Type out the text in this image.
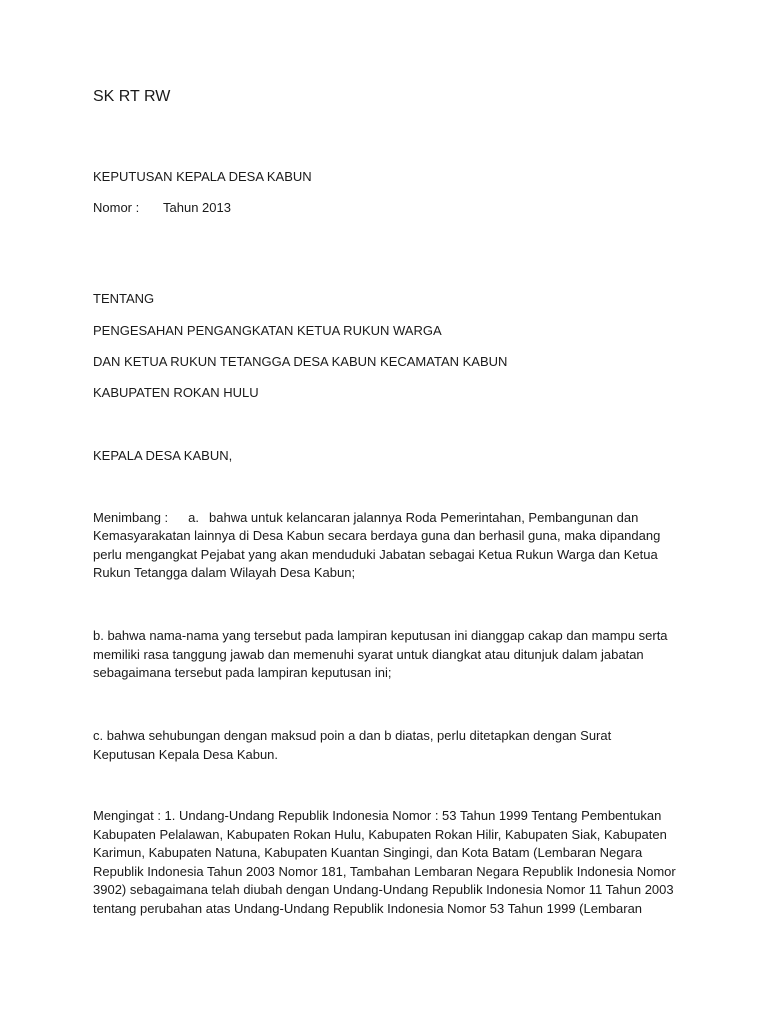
SK RT RW
KEPUTUSAN KEPALA DESA KABUN
Nomor : Tahun 2013
TENTANG
PENGESAHAN PENGANGKATAN KETUA RUKUN WARGA
DAN KETUA RUKUN TETANGGA DESA KABUN KECAMATAN KABUN
KABUPATEN ROKAN HULU
KEPALA DESA KABUN,
Menimbang : a. bahwa untuk kelancaran jalannya Roda Pemerintahan, Pembangunan dan
Kemasyarakatan lainnya di Desa Kabun secara berdaya guna dan berhasil guna, maka dipandang
perlu mengangkat Pejabat yang akan menduduki Jabatan sebagai Ketua Rukun Warga dan Ketua
Rukun Tetangga dalam Wilayah Desa Kabun;
b. bahwa nama-nama yang tersebut pada lampiran keputusan ini dianggap cakap dan mampu serta
memiliki rasa tanggung jawab dan memenuhi syarat untuk diangkat atau ditunjuk dalam jabatan
sebagaimana tersebut pada lampiran keputusan ini;
c. bahwa sehubungan dengan maksud poin a dan b diatas, perlu ditetapkan dengan Surat
Keputusan Kepala Desa Kabun.
Mengingat : 1. Undang-Undang Republik Indonesia Nomor : 53 Tahun 1999 Tentang Pembentukan
Kabupaten Pelalawan, Kabupaten Rokan Hulu, Kabupaten Rokan Hilir, Kabupaten Siak, Kabupaten
Karimun, Kabupaten Natuna, Kabupaten Kuantan Singingi, dan Kota Batam (Lembaran Negara
Republik Indonesia Tahun 2003 Nomor 181, Tambahan Lembaran Negara Republik Indonesia Nomor
3902) sebagaimana telah diubah dengan Undang-Undang Republik Indonesia Nomor 11 Tahun 2003
tentang perubahan atas Undang-Undang Republik Indonesia Nomor 53 Tahun 1999 (Lembaran
